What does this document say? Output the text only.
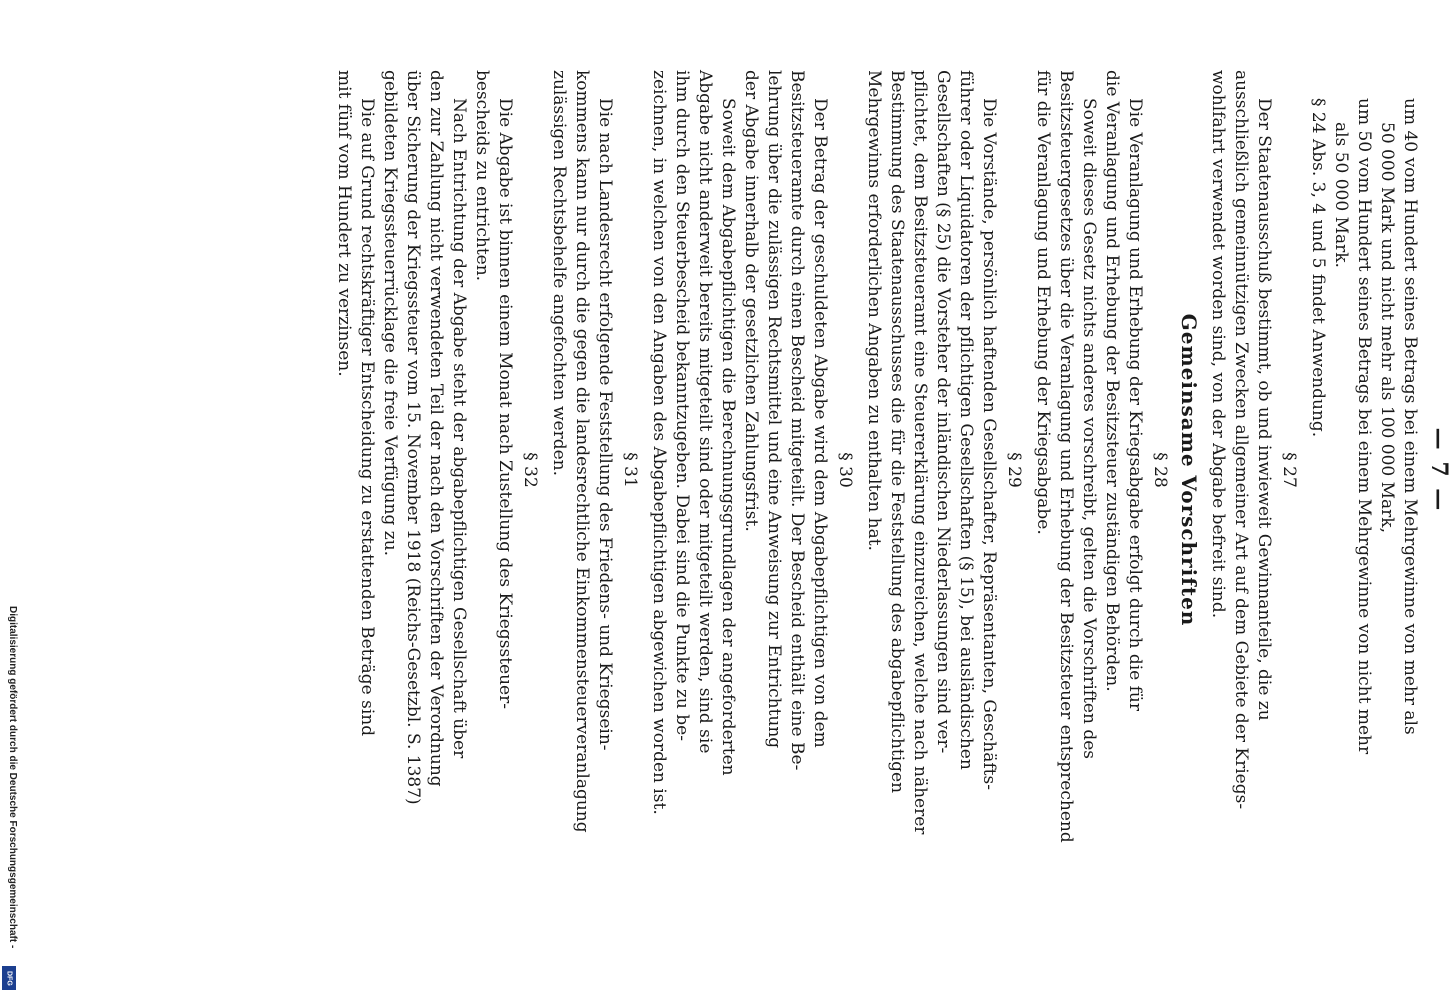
— 7 —
um 40 vom Hundert seines Betrags bei einem Mehrgewinne von mehr als
50 000 Mark und nicht mehr als 100 000 Mark,
um 50 vom Hundert seines Betrags bei einem Mehrgewinne von nicht mehr
als 50 000 Mark.
§ 24 Abs. 3, 4 und 5 findet Anwendung.
§ 27
Der Staatenausschuß bestimmt, ob und inwieweit Gewinnanteile, die zu
ausschließlich gemeinnützigen Zwecken allgemeiner Art auf dem Gebiete der Kriegs-
wohlfahrt verwendet worden sind, von der Abgabe befreit sind.
Gemeinsame Vorschriften
§ 28
Die Veranlagung und Erhebung der Kriegsabgabe erfolgt durch die für
die Veranlagung und Erhebung der Besitzsteuer zuständigen Behörden.
Soweit dieses Gesetz nichts anderes vorschreibt, gelten die Vorschriften des
Besitzsteuergesetzes über die Veranlagung und Erhebung der Besitzsteuer entsprechend
für die Veranlagung und Erhebung der Kriegsabgabe.
§ 29
Die Vorstände, persönlich haftenden Gesellschafter, Repräsentanten, Geschäfts-
führer oder Liquidatoren der pflichtigen Gesellschaften (§ 15), bei ausländischen
Gesellschaften (§ 25) die Vorsteher der inländischen Niederlassungen sind ver-
pflichtet, dem Besitzsteueramt eine Steuererklärung einzureichen, welche nach näherer
Bestimmung des Staatenausschusses die für die Feststellung des abgabepflichtigen
Mehrgewinns erforderlichen Angaben zu enthalten hat.
§ 30
Der Betrag der geschuldeten Abgabe wird dem Abgabepflichtigen von dem
Besitzsteueramte durch einen Bescheid mitgeteilt. Der Bescheid enthält eine Be-
lehrung über die zulässigen Rechtsmittel und eine Anweisung zur Entrichtung
der Abgabe innerhalb der gesetzlichen Zahlungsfrist.
Soweit dem Abgabepflichtigen die Berechnungsgrundlagen der angeforderten
Abgabe nicht anderweit bereits mitgeteilt sind oder mitgeteilt werden, sind sie
ihm durch den Steuerbescheid bekanntzugeben. Dabei sind die Punkte zu be-
zeichnen, in welchen von den Angaben des Abgabepflichtigen abgewichen worden ist.
§ 31
Die nach Landesrecht erfolgende Feststellung des Friedens- und Kriegsein-
kommens kann nur durch die gegen die landesrechtliche Einkommensteuerveranlagung
zulässigen Rechtsbehelfe angefochten werden.
§ 32
Die Abgabe ist binnen einem Monat nach Zustellung des Kriegssteuer-
bescheids zu entrichten.
Nach Entrichtung der Abgabe steht der abgabepflichtigen Gesellschaft über
den zur Zahlung nicht verwendeten Teil der nach den Vorschriften der Verordnung
über Sicherung der Kriegssteuer vom 15. November 1918 (Reichs-Gesetzbl. S. 1387)
gebildeten Kriegssteuerrücklage die freie Verfügung zu.
Die auf Grund rechtskräftiger Entscheidung zu erstattenden Beträge sind
mit fünf vom Hundert zu verzinsen.
Digitalisierung gefördert durch die Deutsche Forschungsgemeinschaft -
DFG
